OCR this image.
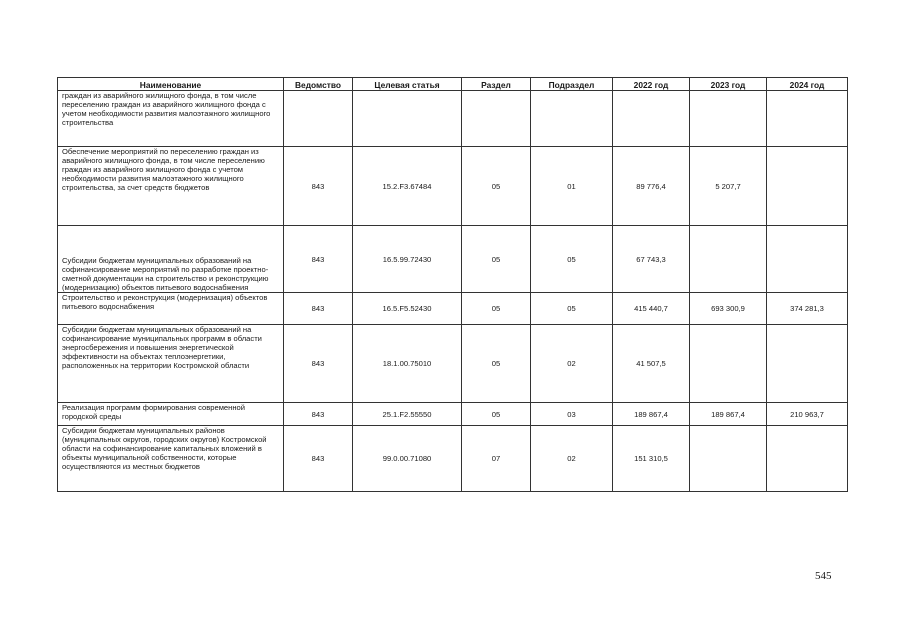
Наименование	Ведомство	Целевая статья	Раздел	Подраздел	2022 год	2023 год	2024 год
граждан из аварийного жилищного фонда, в том числе переселению граждан из аварийного жилищного фонда с учетом необходимости развития малоэтажного жилищного строительства							
Обеспечение мероприятий по переселению граждан из аварийного жилищного фонда, в том числе переселению граждан из аварийного жилищного фонда с учетом необходимости развития малоэтажного жилищного строительства, за счет средств бюджетов	843	15.2.F3.67484	05	01	89 776,4	5 207,7	
Субсидии бюджетам муниципальных образований на софинансирование мероприятий по разработке проектно-сметной документации на строительство и реконструкцию (модернизацию) объектов питьевого водоснабжения	843	16.5.99.72430	05	05	67 743,3		
Строительство и реконструкция (модернизация) объектов питьевого водоснабжения	843	16.5.F5.52430	05	05	415 440,7	693 300,9	374 281,3
Субсидии бюджетам муниципальных образований на софинансирование муниципальных программ в области энергосбережения и повышения энергетической эффективности на объектах теплоэнергетики, расположенных на территории Костромской области	843	18.1.00.75010	05	02	41 507,5		
Реализация программ формирования современной городской среды	843	25.1.F2.55550	05	03	189 867,4	189 867,4	210 963,7
Субсидии бюджетам муниципальных районов (муниципальных округов, городских округов) Костромской области на софинансирование капитальных вложений в объекты муниципальной собственности, которые осуществляются из местных бюджетов	843	99.0.00.71080	07	02	151 310,5		
545
